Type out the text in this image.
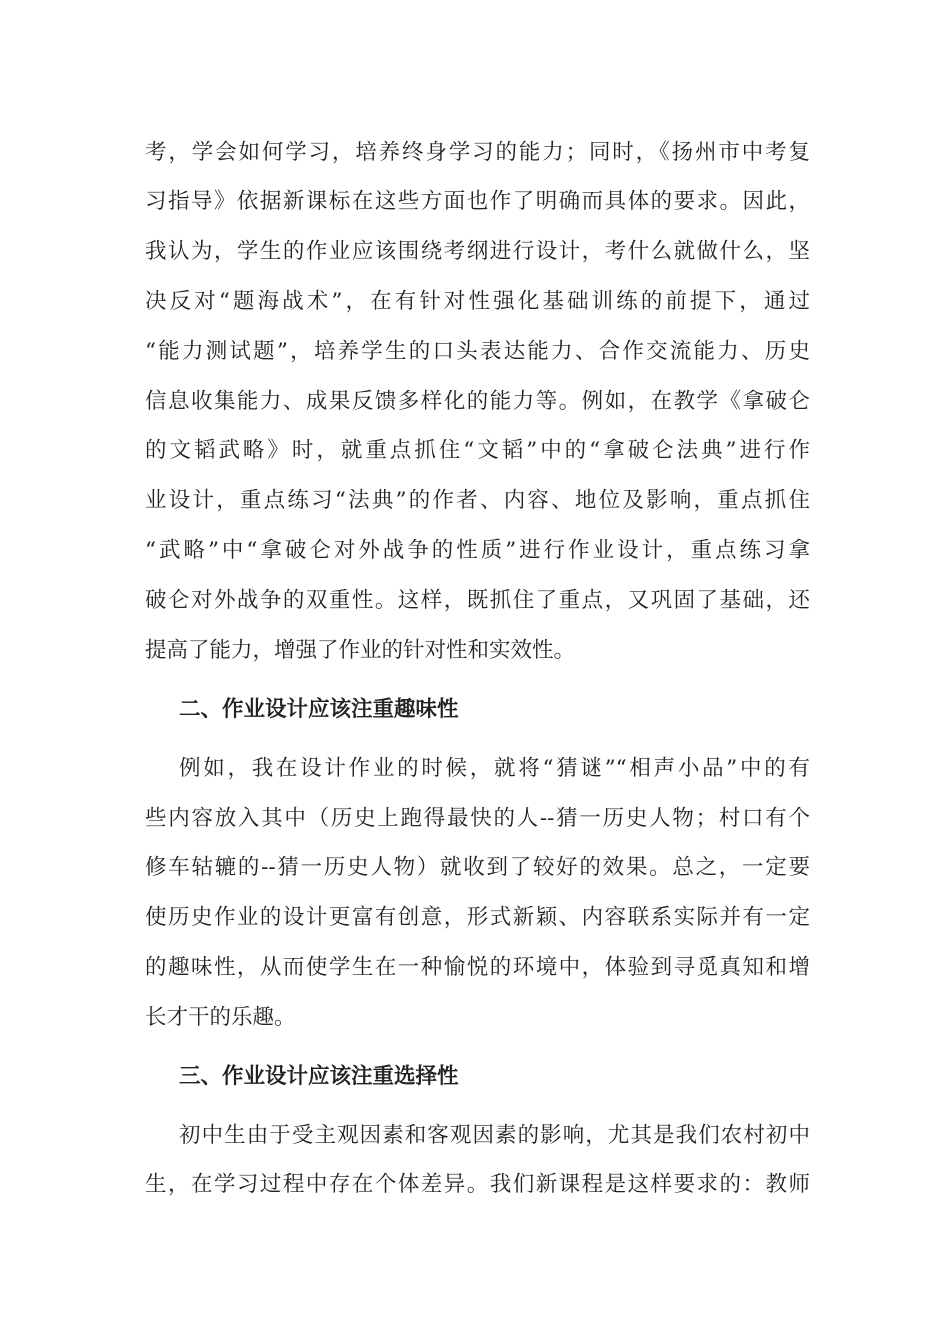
考，学会如何学习，培养终身学习的能力；同时，《扬州市中考复
习指导》依据新课标在这些方面也作了明确而具体的要求。因此，
我认为，学生的作业应该围绕考纲进行设计，考什么就做什么，坚
决反对“题海战术”，在有针对性强化基础训练的前提下，通过
“能力测试题”，培养学生的口头表达能力、合作交流能力、历史
信息收集能力、成果反馈多样化的能力等。例如，在教学《拿破仑
的文韬武略》时，就重点抓住“文韬”中的“拿破仑法典”进行作
业设计，重点练习“法典”的作者、内容、地位及影响，重点抓住
“武略”中“拿破仑对外战争的性质”进行作业设计，重点练习拿
破仑对外战争的双重性。这样，既抓住了重点，又巩固了基础，还
提高了能力，增强了作业的针对性和实效性。
二、作业设计应该注重趣味性
例如，我在设计作业的时候，就将“猜谜”“相声小品”中的有
些内容放入其中（历史上跑得最快的人--猜一历史人物；村口有个
修车轱辘的--猜一历史人物）就收到了较好的效果。总之，一定要
使历史作业的设计更富有创意，形式新颖、内容联系实际并有一定
的趣味性，从而使学生在一种愉悦的环境中，体验到寻觅真知和增
长才干的乐趣。
三、作业设计应该注重选择性
初中生由于受主观因素和客观因素的影响，尤其是我们农村初中
生，在学习过程中存在个体差异。我们新课程是这样要求的：教师
